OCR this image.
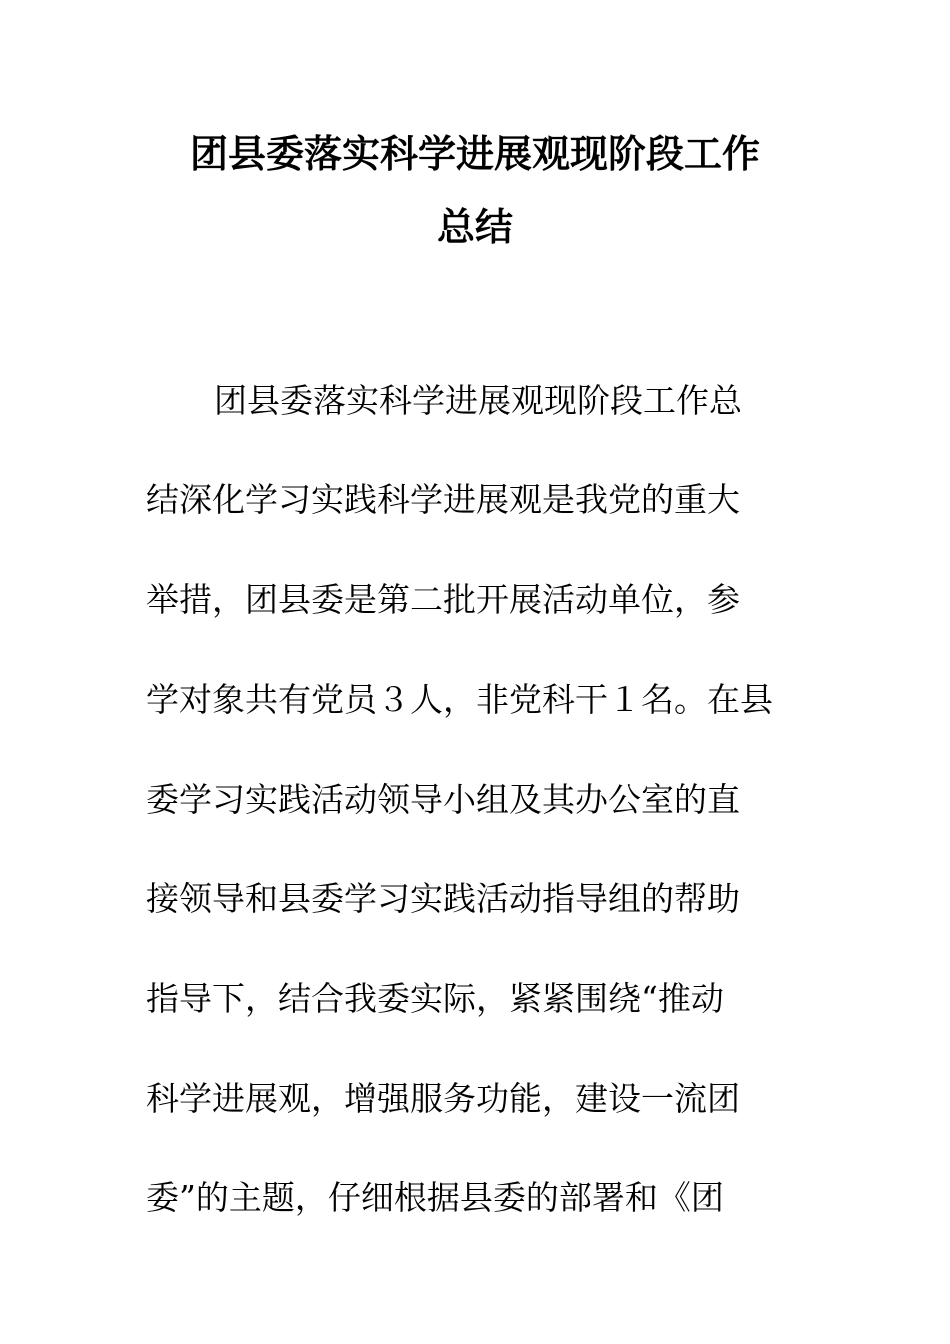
团县委落实科学进展观现阶段工作
总结

团县委落实科学进展观现阶段工作总

结深化学习实践科学进展观是我党的重大

举措，团县委是第二批开展活动单位，参

学对象共有党员３人，非党科干１名。在县

委学习实践活动领导小组及其办公室的直

接领导和县委学习实践活动指导组的帮助

指导下，结合我委实际，紧紧围绕“推动

科学进展观，增强服务功能，建设一流团

委”的主题，仔细根据县委的部署和《团
